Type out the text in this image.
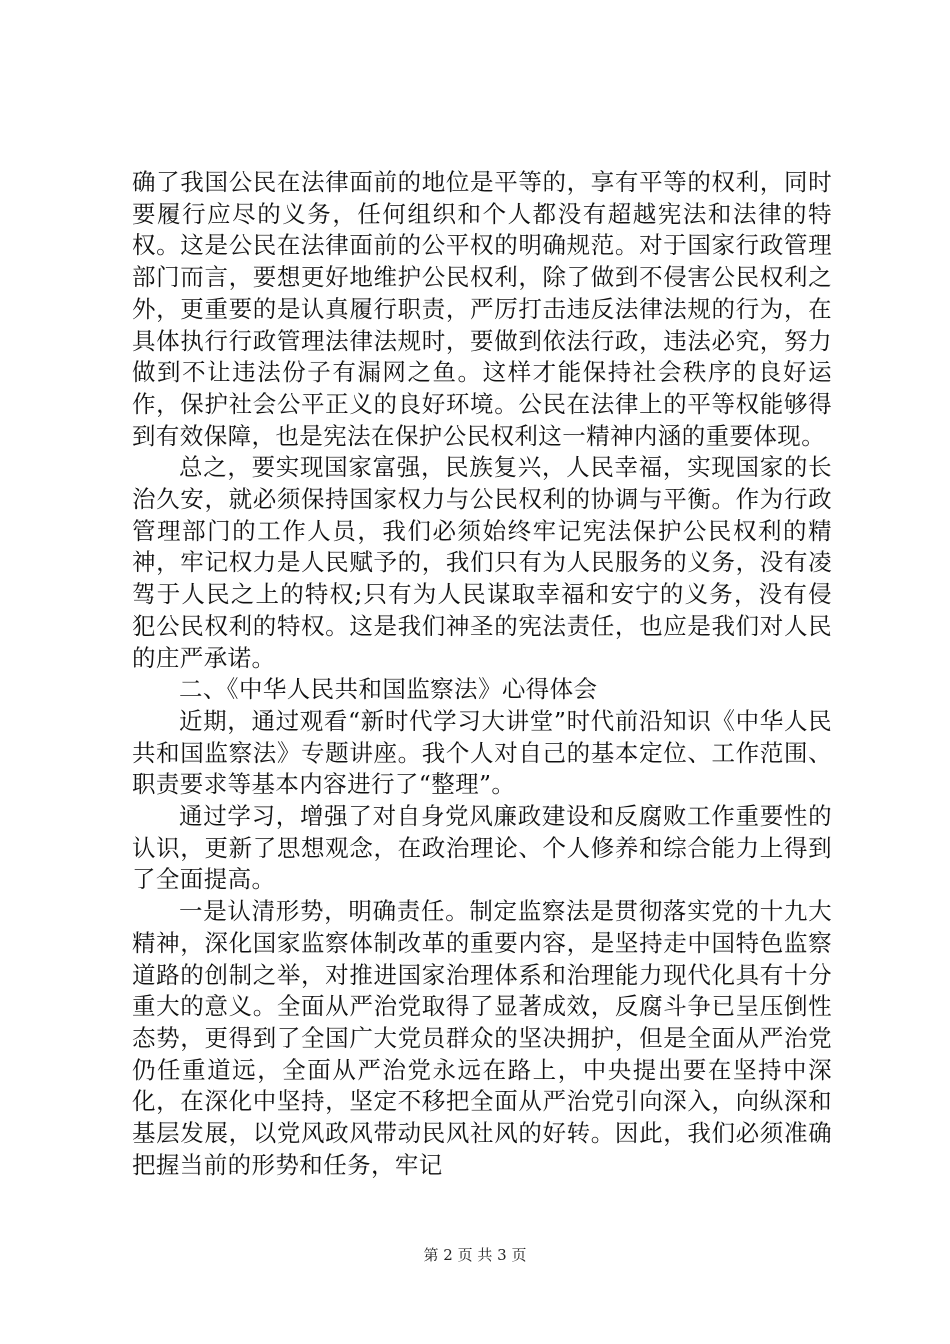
确了我国公民在法律面前的地位是平等的，享有平等的权利，同时要履行应尽的义务，任何组织和个人都没有超越宪法和法律的特权。这是公民在法律面前的公平权的明确规范。对于国家行政管理部门而言，要想更好地维护公民权利，除了做到不侵害公民权利之外，更重要的是认真履行职责，严厉打击违反法律法规的行为，在具体执行行政管理法律法规时，要做到依法行政，违法必究，努力做到不让违法份子有漏网之鱼。这样才能保持社会秩序的良好运作，保护社会公平正义的良好环境。公民在法律上的平等权能够得到有效保障，也是宪法在保护公民权利这一精神内涵的重要体现。

总之，要实现国家富强，民族复兴，人民幸福，实现国家的长治久安，就必须保持国家权力与公民权利的协调与平衡。作为行政管理部门的工作人员，我们必须始终牢记宪法保护公民权利的精神，牢记权力是人民赋予的，我们只有为人民服务的义务，没有凌驾于人民之上的特权;只有为人民谋取幸福和安宁的义务，没有侵犯公民权利的特权。这是我们神圣的宪法责任，也应是我们对人民的庄严承诺。

二、《中华人民共和国监察法》心得体会

近期，通过观看“新时代学习大讲堂”时代前沿知识《中华人民共和国监察法》专题讲座。我个人对自己的基本定位、工作范围、职责要求等基本内容进行了“整理”。

通过学习，增强了对自身党风廉政建设和反腐败工作重要性的认识，更新了思想观念，在政治理论、个人修养和综合能力上得到了全面提高。

一是认清形势，明确责任。制定监察法是贯彻落实党的十九大精神，深化国家监察体制改革的重要内容，是坚持走中国特色监察道路的创制之举，对推进国家治理体系和治理能力现代化具有十分重大的意义。全面从严治党取得了显著成效，反腐斗争已呈压倒性态势，更得到了全国广大党员群众的坚决拥护，但是全面从严治党仍任重道远，全面从严治党永远在路上，中央提出要在坚持中深化，在深化中坚持，坚定不移把全面从严治党引向深入，向纵深和基层发展，以党风政风带动民风社风的好转。因此，我们必须准确把握当前的形势和任务，牢记

第 2 页 共 3 页
